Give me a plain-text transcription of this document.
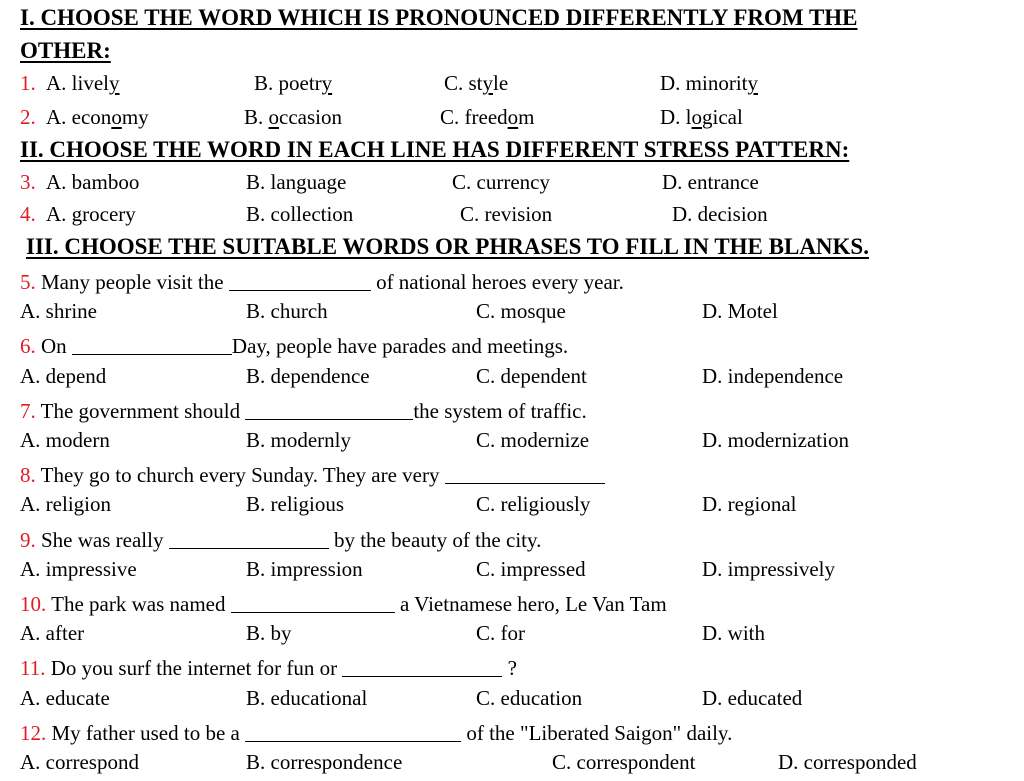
I. CHOOSE THE WORD WHICH IS PRONOUNCED DIFFERENTLY FROM THE
OTHER:
1. A. lively	B. poetry	C. style	D. minority
2. A. economy	B. occasion	C. freedom	D. logical
II. CHOOSE THE WORD IN EACH LINE HAS DIFFERENT STRESS PATTERN:
3. A. bamboo	B. language	C. currency	D. entrance
4. A. grocery	B. collection	C. revision	D. decision
III. CHOOSE THE SUITABLE WORDS OR PHRASES TO FILL IN THE BLANKS.
5. Many people visit the	of national heroes every year.
A. shrine	B. church	C. mosque	D. Motel
6. On	Day, people have parades and meetings.
A. depend	B. dependence	C. dependent	D. independence
7. The government should	the system of traffic.
A. modern	B. modernly	C. modernize	D. modernization
8. They go to church every Sunday. They are very
A. religion	B. religious	C. religiously	D. regional
9. She was really	by the beauty of the city.
A. impressive	B. impression	C. impressed	D. impressively
10. The park was named	a Vietnamese hero, Le Van Tam
A. after	B. by	C. for	D. with
11. Do you surf the internet for fun or	?
A. educate	B. educational	C. education	D. educated
12. My father used to be a	of the "Liberated Saigon" daily.
A. correspond	B. correspondence	C. correspondent	D. corresponded
